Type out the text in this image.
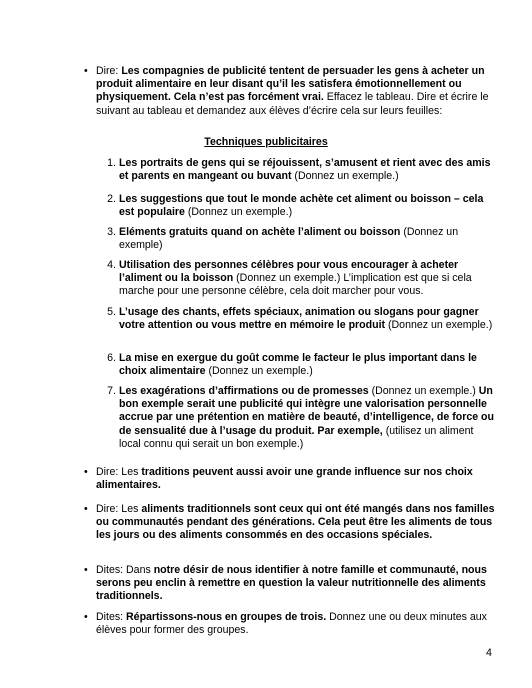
• Dire: Les compagnies de publicité tentent de persuader les gens à acheter un produit alimentaire en leur disant qu’il les satisfera émotionnellement ou physiquement. Cela n’est pas forcément vrai. Effacez le tableau. Dire et écrire le suivant au tableau et demandez aux élèves d’écrire cela sur leurs feuilles:
Techniques publicitaires
1. Les portraits de gens qui se réjouissent, s’amusent et rient avec des amis et parents en mangeant ou buvant (Donnez un exemple.)
2. Les suggestions que tout le monde achète cet aliment ou boisson – cela est populaire (Donnez un exemple.)
3. Eléments gratuits quand on achète l’aliment ou boisson (Donnez un exemple)
4. Utilisation des personnes célèbres pour vous encourager à acheter l’aliment ou la boisson (Donnez un exemple.) L’implication est que si cela marche pour une personne célèbre, cela doit marcher pour vous.
5. L’usage des chants, effets spéciaux, animation ou slogans pour gagner votre attention ou vous mettre en mémoire le produit (Donnez un exemple.)
6. La mise en exergue du goût comme le facteur le plus important dans le choix alimentaire (Donnez un exemple.)
7. Les exagérations d’affirmations ou de promesses (Donnez un exemple.) Un bon exemple serait une publicité qui intègre une valorisation personnelle accrue par une prétention en matière de beauté, d’intelligence, de force ou de sensualité due à l’usage du produit. Par exemple, (utilisez un aliment local connu qui serait un bon exemple.)
• Dire: Les traditions peuvent aussi avoir une grande influence sur nos choix alimentaires.
• Dire: Les aliments traditionnels sont ceux qui ont été mangés dans nos familles ou communautés pendant des générations. Cela peut être les aliments de tous les jours ou des aliments consommés en des occasions spéciales.
• Dites: Dans notre désir de nous identifier à notre famille et communauté, nous serons peu enclin à remettre en question la valeur nutritionnelle des aliments traditionnels.
• Dites: Répartissons-nous en groupes de trois. Donnez une ou deux minutes aux élèves pour former des groupes.
4
